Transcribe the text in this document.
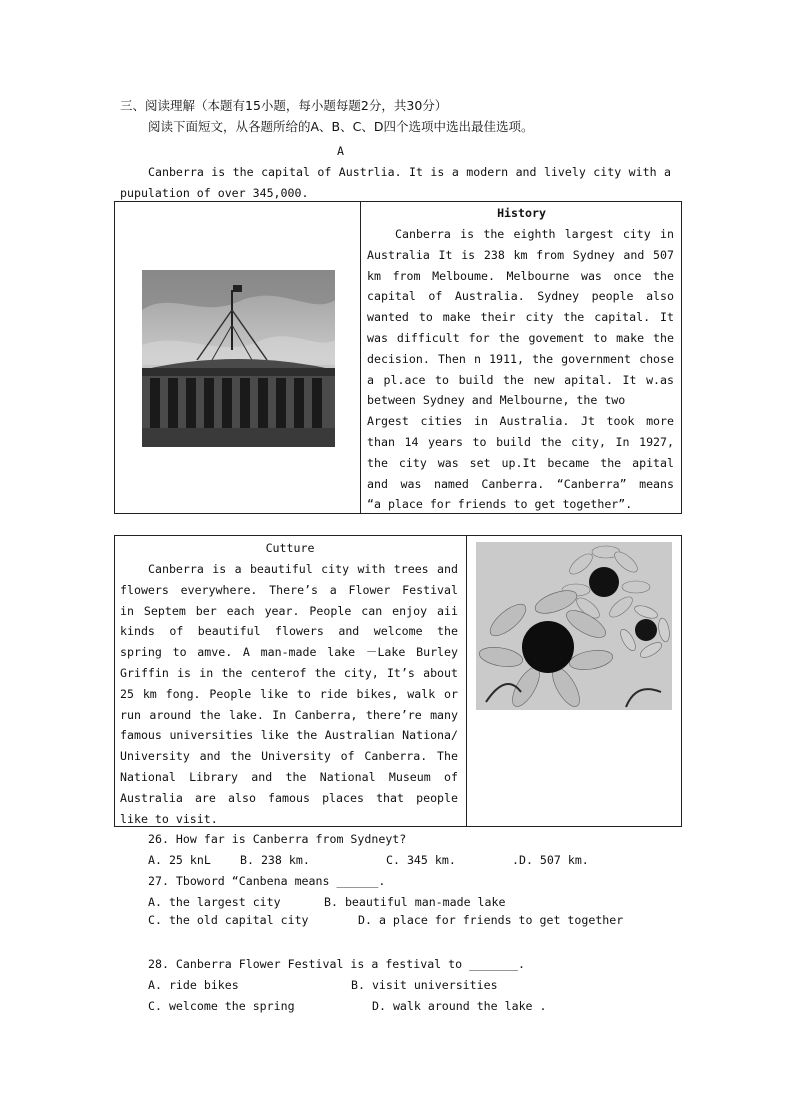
三、阅读理解（本题有15小题，每小题每题2分，共30分）
阅读下面短文，从各题所给的A、B、C、D四个选项中选出最佳选项。
A
Canberra is the capital of Austrlia. It is a modern and lively city with a
pupulation of over 345,000.
History
Canberra is the eighth largest city in
Australia It is 238 km from Sydney and 507
km from Melboume. Melbourne was once the
capital of Australia. Sydney people also
wanted to make their city the capital. It
was difficult for the govement to make the
decision. Then n 1911, the government chose
a pl.ace to build the new apital. It w.as
between Sydney and Melbourne, the two
Argest cities in Australia. Jt took more
than 14 years to build the city, In 1927,
the city was set up.It became the apital
and was named Canberra. “Canberra” means
“a place for friends to get together”.
Cutture
Canberra is a beautiful city with trees and
flowers everywhere. There’s a Flower Festival
in Septem ber each year. People can enjoy aii
kinds of beautiful flowers and welcome the
spring to amve. A man-made lake －Lake Burley
Griffin is in the centerof the city, It’s about
25 km fong. People like to ride bikes, walk or
run around the lake. In Canberra, there’re many
famous universities like the Australian Nationa/
University and the University of Canberra. The
National Library and the National Museum of
Australia are also famous places that people
like to visit.
26. How far is Canberra from Sydneyt?
A. 25 knL	B. 238 km.	C. 345 km.	.D. 507 km.
27. Tboword “Canbena means ______.
A. the largest city	B. beautiful man-made lake
C. the old capital city	D. a place for friends to get together
28. Canberra Flower Festival is a festival to _______.
A. ride bikes	B. visit universities
C. welcome the spring	D. walk around the lake .
